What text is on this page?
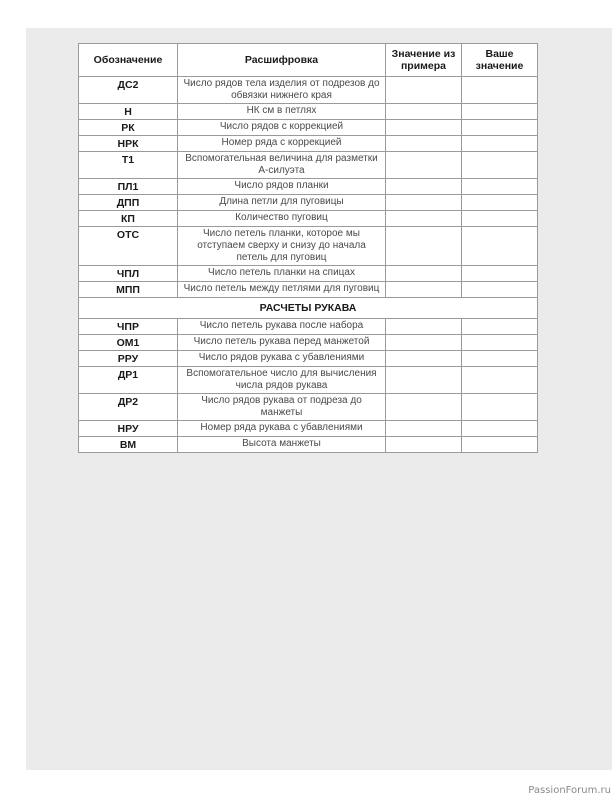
Обозначение	Расшифровка	Значение из примера	Ваше значение
ДС2	Число рядов тела изделия от подрезов до обвязки нижнего края		
Н	НК см в петлях		
РК	Число рядов с коррекцией		
НРК	Номер ряда с коррекцией		
Т1	Вспомогательная величина для разметки А-силуэта		
ПЛ1	Число рядов планки		
ДПП	Длина петли для пуговицы		
КП	Количество пуговиц		
ОТС	Число петель планки, которое мы отступаем сверху и снизу до начала петель для пуговиц		
ЧПЛ	Число петель планки на спицах		
МПП	Число петель между петлями для пуговиц		
РАСЧЕТЫ РУКАВА			
ЧПР	Число петель рукава после набора		
ОМ1	Число петель рукава перед манжетой		
РРУ	Число рядов рукава с убавлениями		
ДР1	Вспомогательное число для вычисления числа рядов рукава		
ДР2	Число рядов рукава от подреза до манжеты		
НРУ	Номер ряда рукава с убавлениями		
ВМ	Высота манжеты		
PassionForum.ru
